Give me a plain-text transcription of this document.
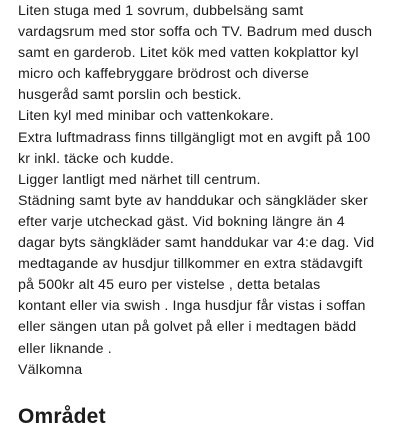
Liten stuga med 1 sovrum, dubbelsäng samt
vardagsrum med stor soffa och TV. Badrum med dusch
samt en garderob. Litet kök med vatten kokplattor kyl
micro och kaffebryggare brödrost och diverse
husgeråd samt porslin och bestick.
Liten kyl med minibar och vattenkokare.
Extra luftmadrass finns tillgängligt mot en avgift på 100
kr inkl. täcke och kudde.
Ligger lantligt med närhet till centrum.
Städning samt byte av handdukar och sängkläder sker
efter varje utcheckad gäst. Vid bokning längre än 4
dagar byts sängkläder samt handdukar var 4:e dag. Vid
medtagande av husdjur tillkommer en extra städavgift
på 500kr alt 45 euro per vistelse , detta betalas
kontant eller via swish . Inga husdjur får vistas i soffan
eller sängen utan på golvet på eller i medtagen bädd
eller liknande .
Välkomna
Området
